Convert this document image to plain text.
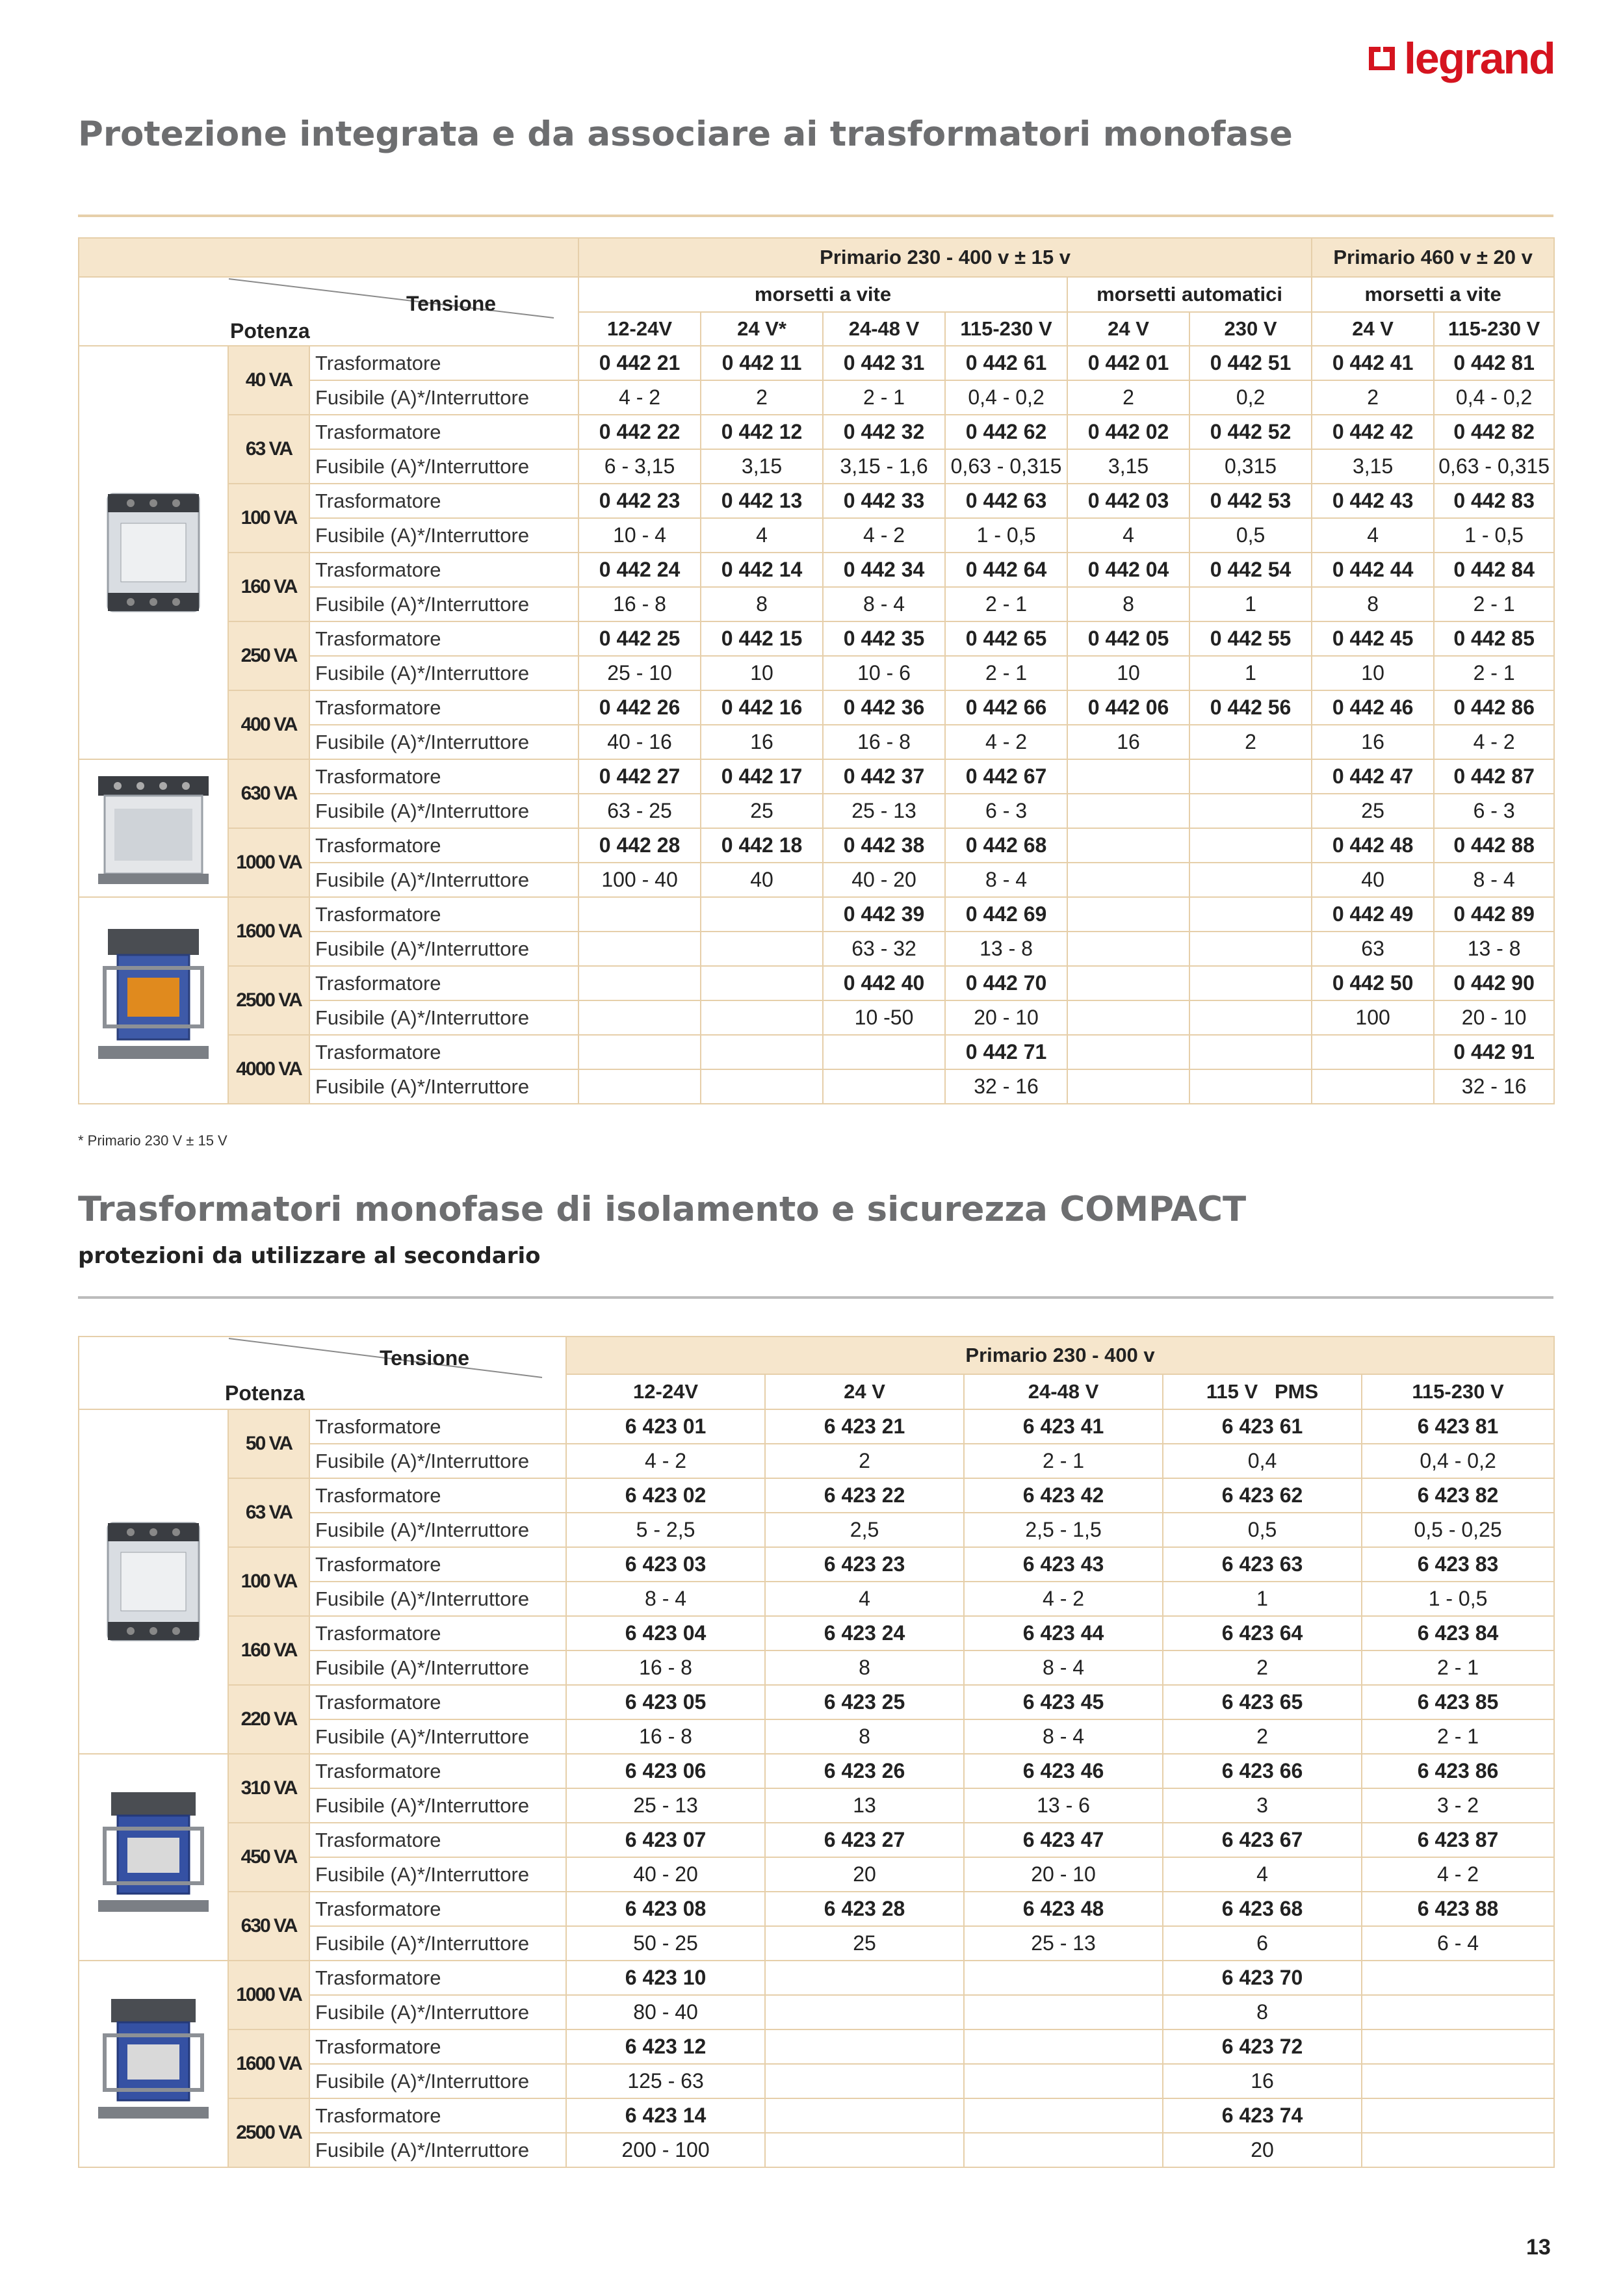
legrand
Protezione integrata e da associare ai trasformatori monofase
			Primario 230 - 400 v ± 15 v						Primario 460 v ± 20 v	

Tensione
Potenza			morsetti a vite				morsetti automatici		morsetti a vite	
			12-24V	24 V*	24-48 V	115-230 V	24 V	230 V	24 V	115-230 V

	40 VA	Trasformatore	0 442 21	0 442 11	0 442 31	0 442 61	0 442 01	0 442 51	0 442 41	0 442 81
		Fusibile (A)*/Interruttore	4 - 2	2	2 - 1	0,4 - 0,2	2	0,2	2	0,4 - 0,2
	63 VA	Trasformatore	0 442 22	0 442 12	0 442 32	0 442 62	0 442 02	0 442 52	0 442 42	0 442 82
		Fusibile (A)*/Interruttore	6 - 3,15	3,15	3,15 - 1,6	0,63 - 0,315	3,15	0,315	3,15	0,63 - 0,315
	100 VA	Trasformatore	0 442 23	0 442 13	0 442 33	0 442 63	0 442 03	0 442 53	0 442 43	0 442 83
		Fusibile (A)*/Interruttore	10 - 4	4	4 - 2	1 - 0,5	4	0,5	4	1 - 0,5
	160 VA	Trasformatore	0 442 24	0 442 14	0 442 34	0 442 64	0 442 04	0 442 54	0 442 44	0 442 84
		Fusibile (A)*/Interruttore	16 - 8	8	8 - 4	2 - 1	8	1	8	2 - 1
	250 VA	Trasformatore	0 442 25	0 442 15	0 442 35	0 442 65	0 442 05	0 442 55	0 442 45	0 442 85
		Fusibile (A)*/Interruttore	25 - 10	10	10 - 6	2 - 1	10	1	10	2 - 1
	400 VA	Trasformatore	0 442 26	0 442 16	0 442 36	0 442 66	0 442 06	0 442 56	0 442 46	0 442 86
		Fusibile (A)*/Interruttore	40 - 16	16	16 - 8	4 - 2	16	2	16	4 - 2

	630 VA	Trasformatore	0 442 27	0 442 17	0 442 37	0 442 67			0 442 47	0 442 87
		Fusibile (A)*/Interruttore	63 - 25	25	25 - 13	6 - 3			25	6 - 3
	1000 VA	Trasformatore	0 442 28	0 442 18	0 442 38	0 442 68			0 442 48	0 442 88
		Fusibile (A)*/Interruttore	100 - 40	40	40 - 20	8 - 4			40	8 - 4

	1600 VA	Trasformatore			0 442 39	0 442 69			0 442 49	0 442 89
		Fusibile (A)*/Interruttore			63 - 32	13 - 8			63	13 - 8
	2500 VA	Trasformatore			0 442 40	0 442 70			0 442 50	0 442 90
		Fusibile (A)*/Interruttore			10 -50	20 - 10			100	20 - 10
	4000 VA	Trasformatore				0 442 71				0 442 91
		Fusibile (A)*/Interruttore				32 - 16				32 - 16
* Primario 230 V ± 15 V
Trasformatori monofase di isolamento e sicurezza COMPACT
protezioni da utilizzare al secondario
Tensione
Potenza			Primario 230 - 400 v				
			12-24V	24 V	24-48 V	115 V   PMS	115-230 V

	50 VA	Trasformatore	6 423 01	6 423 21	6 423 41	6 423 61	6 423 81
		Fusibile (A)*/Interruttore	4 - 2	2	2 - 1	0,4	0,4 - 0,2
	63 VA	Trasformatore	6 423 02	6 423 22	6 423 42	6 423 62	6 423 82
		Fusibile (A)*/Interruttore	5 - 2,5	2,5	2,5 - 1,5	0,5	0,5 - 0,25
	100 VA	Trasformatore	6 423 03	6 423 23	6 423 43	6 423 63	6 423 83
		Fusibile (A)*/Interruttore	8 - 4	4	4 - 2	1	1 - 0,5
	160 VA	Trasformatore	6 423 04	6 423 24	6 423 44	6 423 64	6 423 84
		Fusibile (A)*/Interruttore	16 - 8	8	8 - 4	2	2 - 1
	220 VA	Trasformatore	6 423 05	6 423 25	6 423 45	6 423 65	6 423 85
		Fusibile (A)*/Interruttore	16 - 8	8	8 - 4	2	2 - 1

	310 VA	Trasformatore	6 423 06	6 423 26	6 423 46	6 423 66	6 423 86
		Fusibile (A)*/Interruttore	25 - 13	13	13 - 6	3	3 - 2
	450 VA	Trasformatore	6 423 07	6 423 27	6 423 47	6 423 67	6 423 87
		Fusibile (A)*/Interruttore	40 - 20	20	20 - 10	4	4 - 2
	630 VA	Trasformatore	6 423 08	6 423 28	6 423 48	6 423 68	6 423 88
		Fusibile (A)*/Interruttore	50 - 25	25	25 - 13	6	6 - 4

	1000 VA	Trasformatore	6 423 10			6 423 70	
		Fusibile (A)*/Interruttore	80 - 40			8	
	1600 VA	Trasformatore	6 423 12			6 423 72	
		Fusibile (A)*/Interruttore	125 - 63			16	
	2500 VA	Trasformatore	6 423 14			6 423 74	
		Fusibile (A)*/Interruttore	200 - 100			20	
13
